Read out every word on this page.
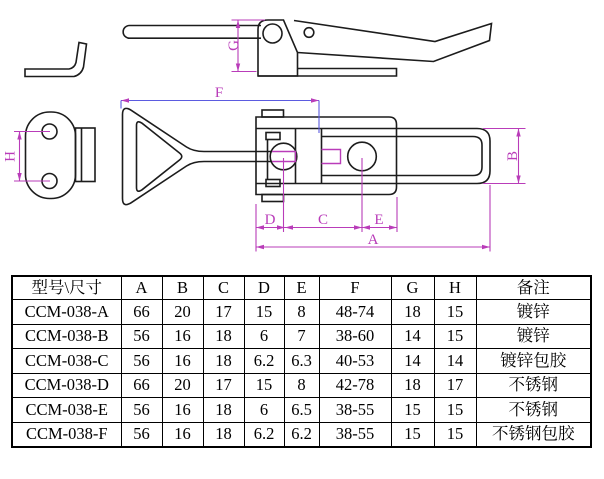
G
H
F
D	C	E
A
B
型号\尺寸	A	B	C	D	E	F	G	H	备注
CCM-038-A	66	20	17	15	8	48-74	18	15	镀锌
CCM-038-B	56	16	18	6	7	38-60	14	15	镀锌
CCM-038-C	56	16	18	6.2	6.3	40-53	14	14	镀锌包胶
CCM-038-D	66	20	17	15	8	42-78	18	17	不锈钢
CCM-038-E	56	16	18	6	6.5	38-55	15	15	不锈钢
CCM-038-F	56	16	18	6.2	6.2	38-55	15	15	不锈钢包胶
